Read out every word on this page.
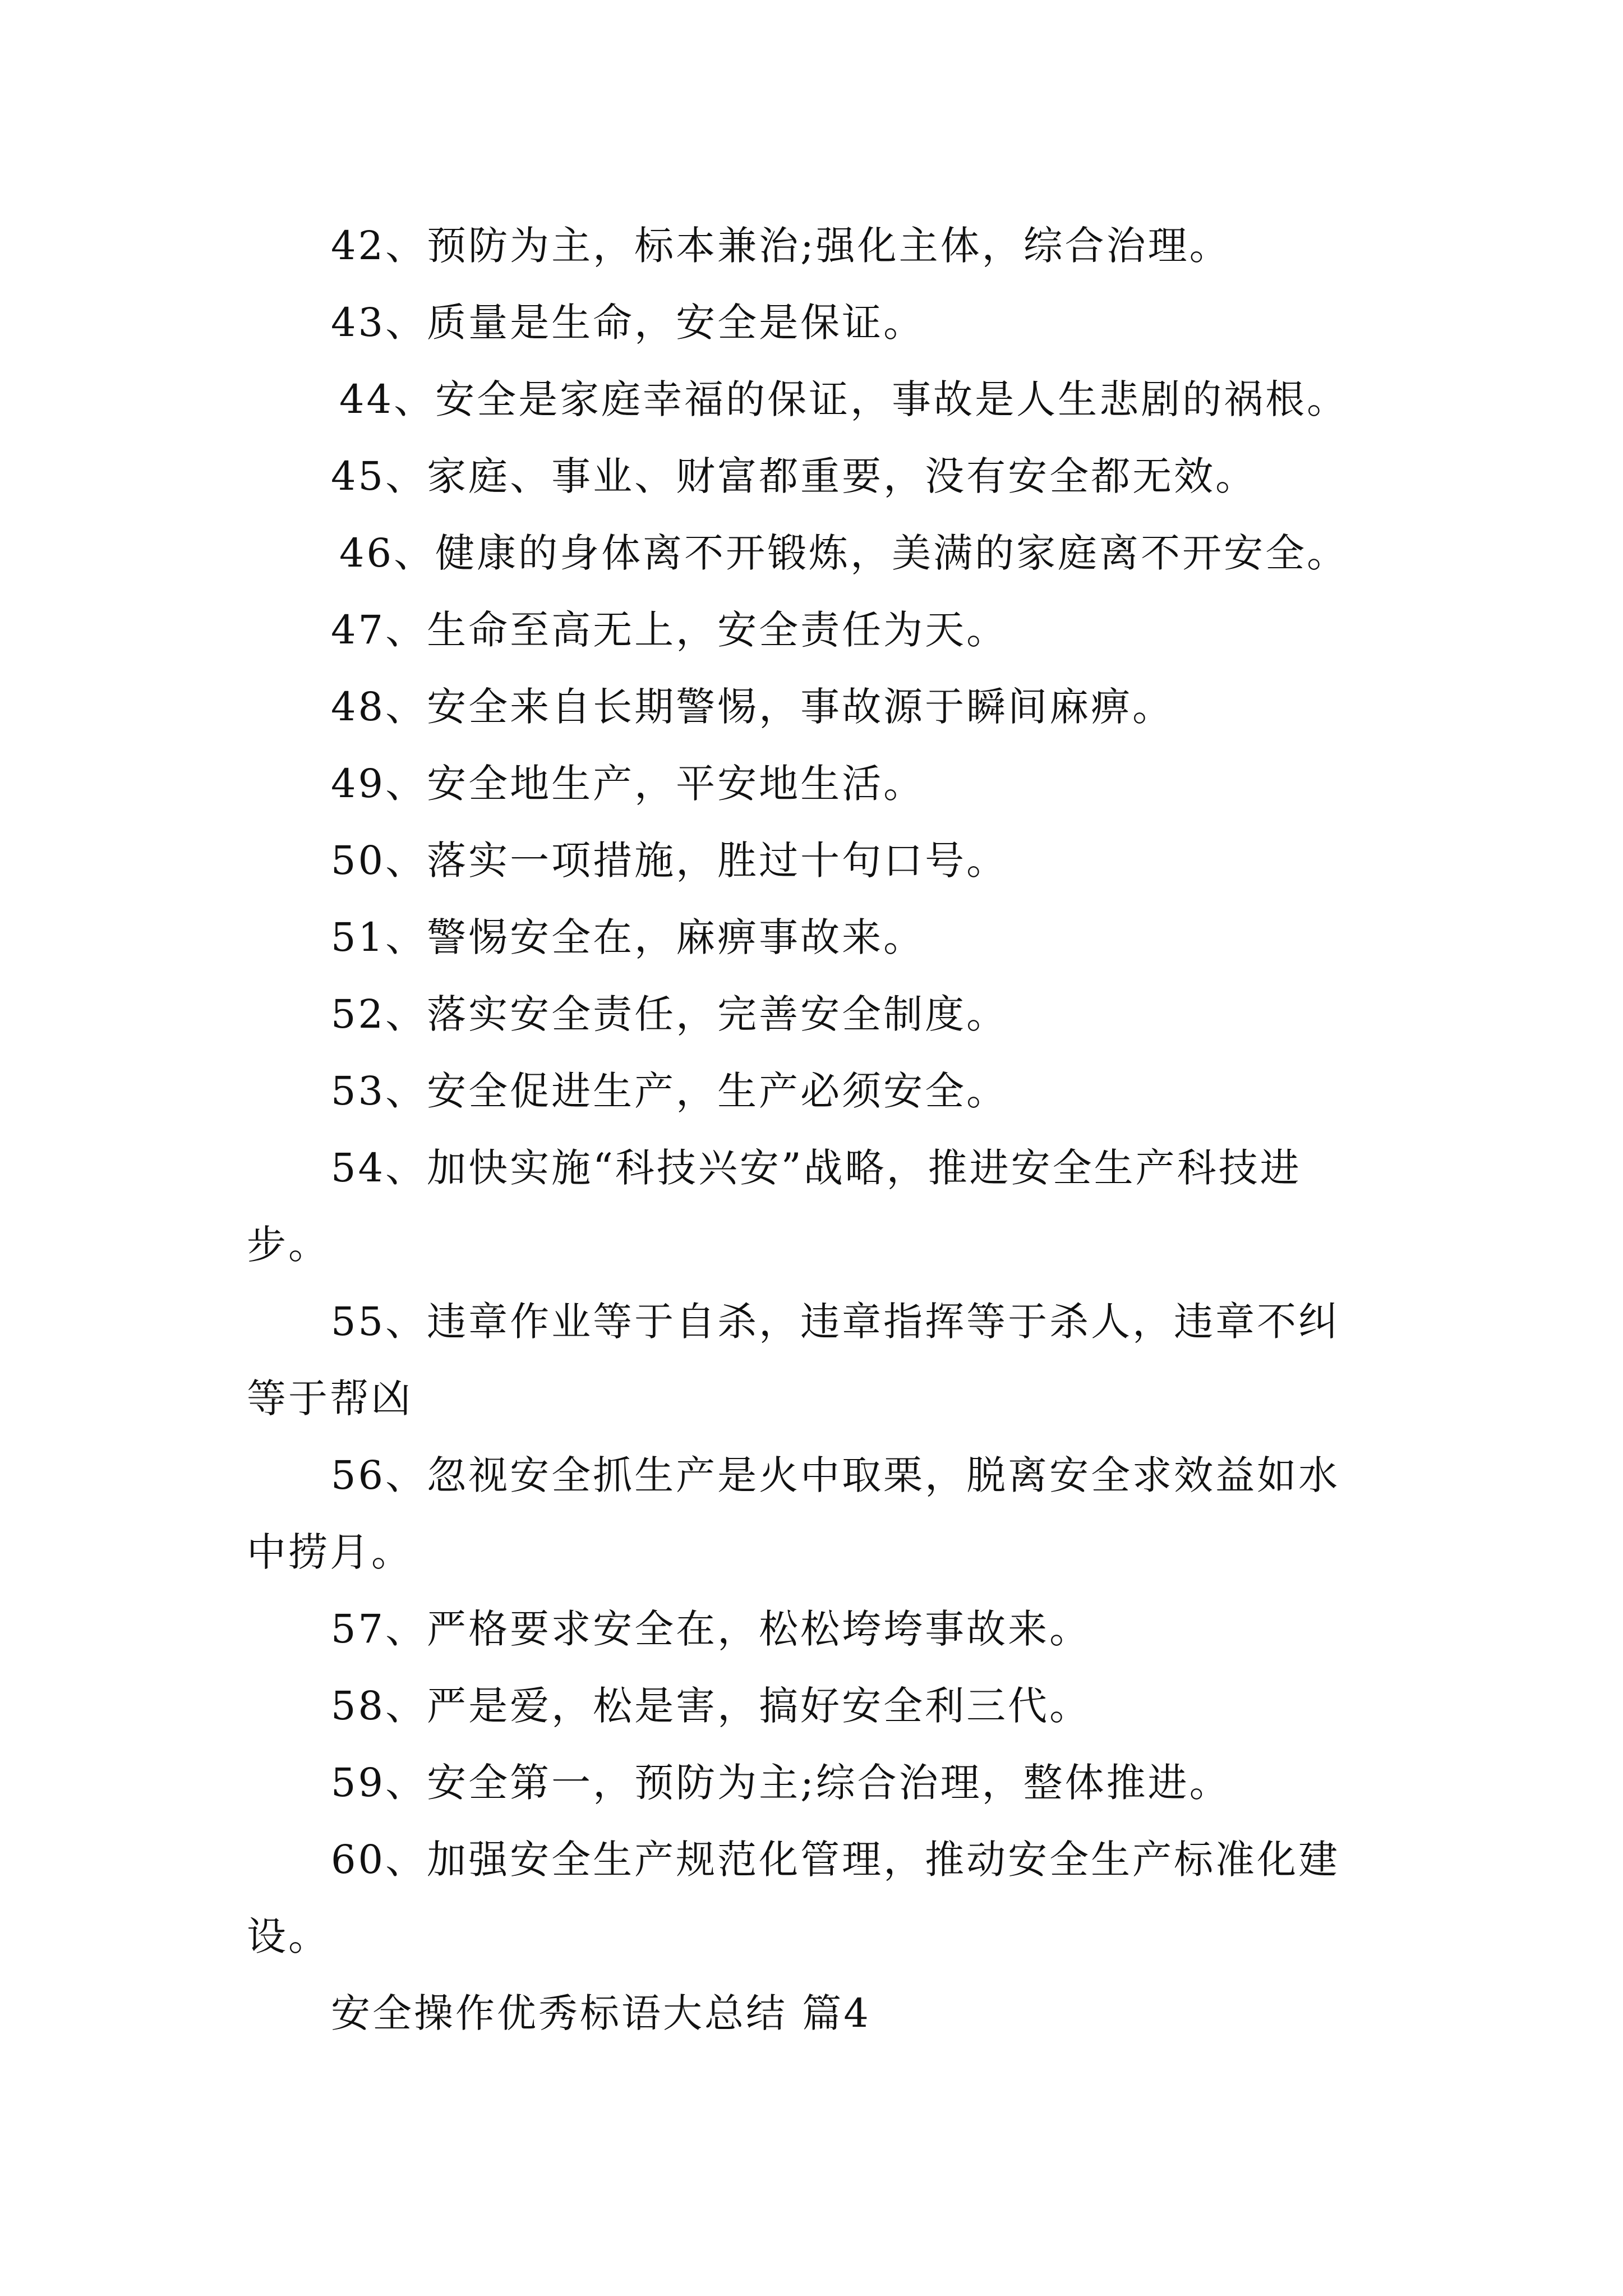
42、预防为主，标本兼治;强化主体，综合治理。

43、质量是生命，安全是保证。

44、安全是家庭幸福的保证，事故是人生悲剧的祸根。

45、家庭、事业、财富都重要，没有安全都无效。

46、健康的身体离不开锻炼，美满的家庭离不开安全。

47、生命至高无上，安全责任为天。

48、安全来自长期警惕，事故源于瞬间麻痹。

49、安全地生产，平安地生活。

50、落实一项措施，胜过十句口号。

51、警惕安全在，麻痹事故来。

52、落实安全责任，完善安全制度。

53、安全促进生产，生产必须安全。

54、加快实施“科技兴安”战略，推进安全生产科技进

步。

55、违章作业等于自杀，违章指挥等于杀人，违章不纠

等于帮凶

56、忽视安全抓生产是火中取栗，脱离安全求效益如水

中捞月。

57、严格要求安全在，松松垮垮事故来。

58、严是爱，松是害，搞好安全利三代。

59、安全第一，预防为主;综合治理，整体推进。

60、加强安全生产规范化管理，推动安全生产标准化建

设。

安全操作优秀标语大总结 篇4
